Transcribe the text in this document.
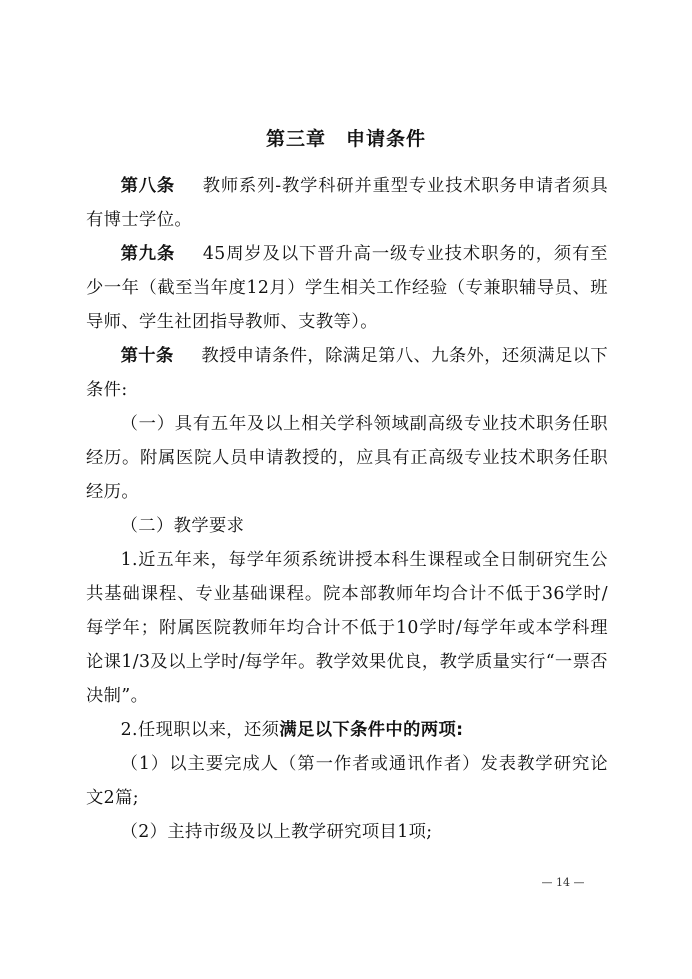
第三章 申请条件

第八条 教师系列-教学科研并重型专业技术职务申请者须具有博士学位。

第九条 45周岁及以下晋升高一级专业技术职务的，须有至少一年（截至当年度12月）学生相关工作经验（专兼职辅导员、班导师、学生社团指导教师、支教等）。

第十条 教授申请条件，除满足第八、九条外，还须满足以下条件:

（一）具有五年及以上相关学科领域副高级专业技术职务任职经历。附属医院人员申请教授的，应具有正高级专业技术职务任职经历。

（二）教学要求

1.近五年来，每学年须系统讲授本科生课程或全日制研究生公共基础课程、专业基础课程。院本部教师年均合计不低于36学时/每学年；附属医院教师年均合计不低于10学时/每学年或本学科理论课1/3及以上学时/每学年。教学效果优良，教学质量实行“一票否决制”。

2.任现职以来，还须满足以下条件中的两项:

（1）以主要完成人（第一作者或通讯作者）发表教学研究论文2篇;

（2）主持市级及以上教学研究项目1项;

— 14 —
